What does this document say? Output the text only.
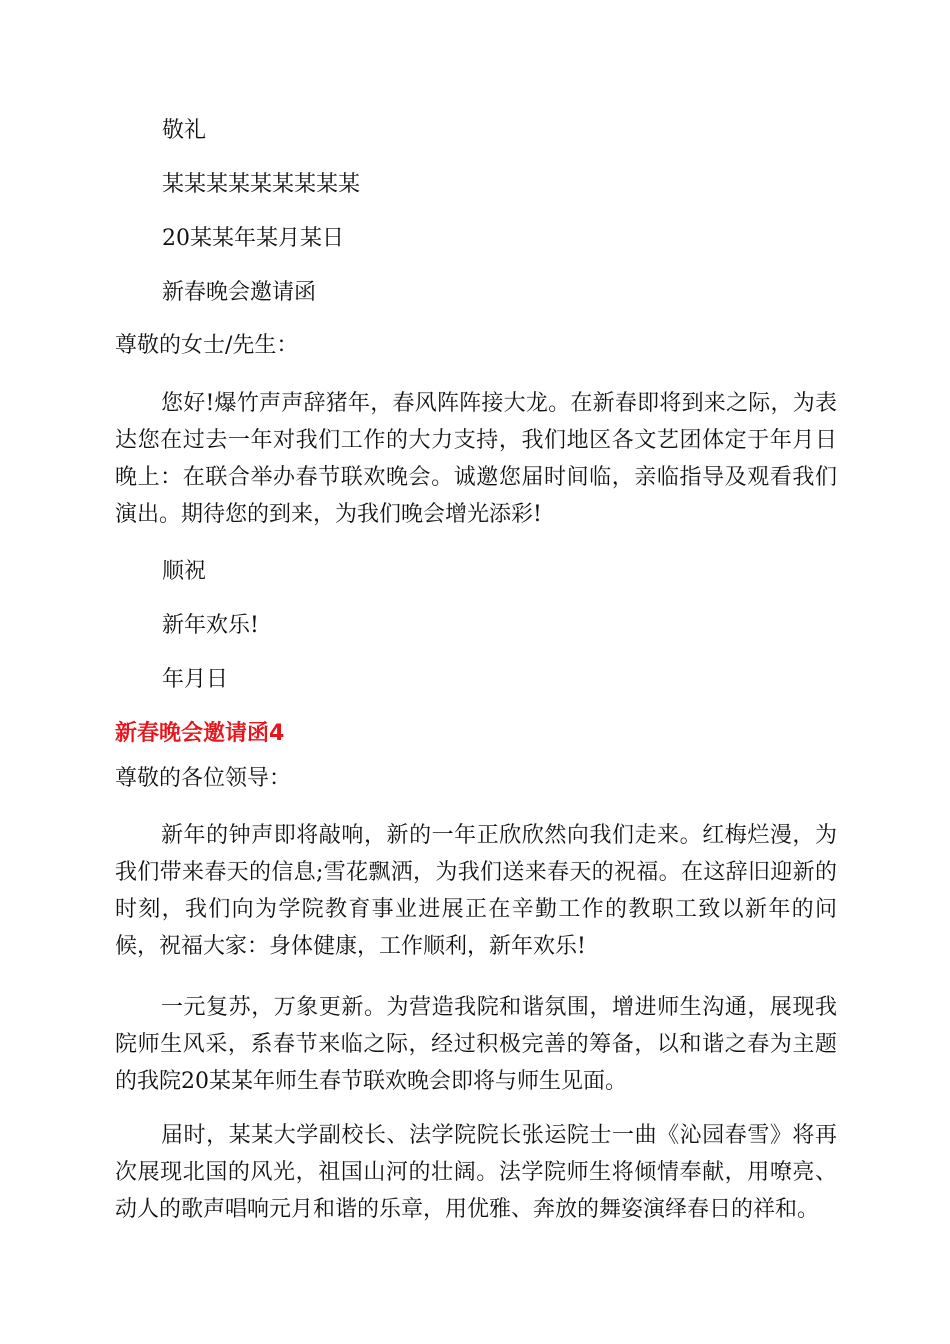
敬礼

某某某某某某某某某

20某某年某月某日

新春晚会邀请函

尊敬的女士/先生：

您好!爆竹声声辞猪年，春风阵阵接大龙。在新春即将到来之际，为表达您在过去一年对我们工作的大力支持，我们地区各文艺团体定于年月日晚上：在联合举办春节联欢晚会。诚邀您届时间临，亲临指导及观看我们演出。期待您的到来，为我们晚会增光添彩!

顺祝

新年欢乐!

年月日

新春晚会邀请函4

尊敬的各位领导：

新年的钟声即将敲响，新的一年正欣欣然向我们走来。红梅烂漫，为我们带来春天的信息;雪花飘洒，为我们送来春天的祝福。在这辞旧迎新的时刻，我们向为学院教育事业进展正在辛勤工作的教职工致以新年的问候，祝福大家：身体健康，工作顺利，新年欢乐!

一元复苏，万象更新。为营造我院和谐氛围，增进师生沟通，展现我院师生风采，系春节来临之际，经过积极完善的筹备，以和谐之春为主题的我院20某某年师生春节联欢晚会即将与师生见面。

届时，某某大学副校长、法学院院长张运院士一曲《沁园春雪》将再次展现北国的风光，祖国山河的壮阔。法学院师生将倾情奉献，用嘹亮、动人的歌声唱响元月和谐的乐章，用优雅、奔放的舞姿演绎春日的祥和。
